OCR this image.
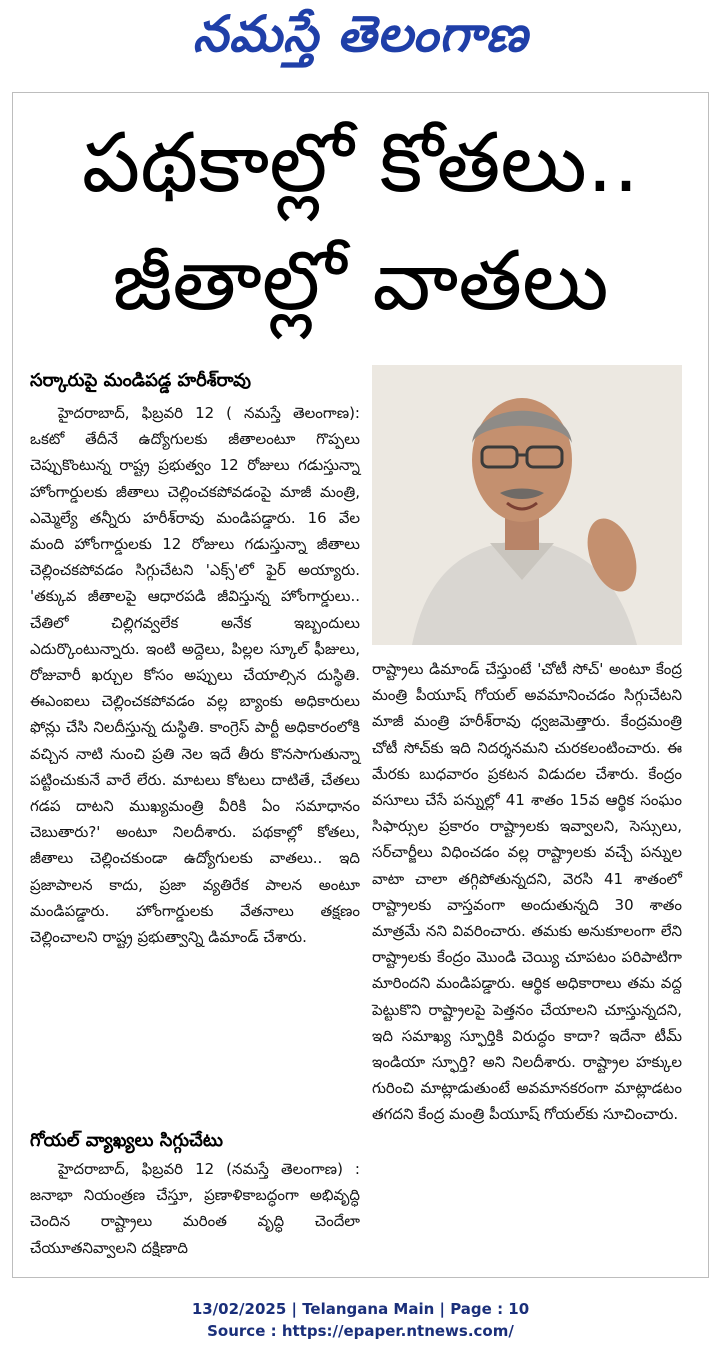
నమస్తే తెలంగాణ
పథకాల్లో కోతలు..
జీతాల్లో వాతలు
సర్కారుపై మండిపడ్డ హరీశ్‌రావు

హైదరాబాద్‌, ఫిబ్రవరి 12 ( నమస్తే తెలంగాణ): ఒకటో తేదీనే ఉద్యోగులకు జీతాలంటూ గొప్పలు చెప్పుకొంటున్న రాష్ట్ర ప్రభుత్వం 12 రోజులు గడుస్తున్నా హోంగార్డులకు జీతాలు చెల్లించకపోవడంపై మాజీ మంత్రి, ఎమ్మెల్యే తన్నీరు హరీశ్‌రావు మండిపడ్డారు. 16 వేల మంది హోంగార్డులకు 12 రోజులు గడుస్తున్నా జీతాలు చెల్లించకపోవడం సిగ్గుచేటని 'ఎక్స్‌'లో ఫైర్‌ అయ్యారు. 'తక్కువ జీతాలపై ఆధారపడి జీవిస్తున్న హోంగార్డులు.. చేతిలో చిల్లిగవ్వలేక అనేక ఇబ్బందులు ఎదుర్కొంటున్నారు. ఇంటి అద్దెలు, పిల్లల స్కూల్‌ ఫీజులు, రోజువారీ ఖర్చుల కోసం అప్పులు చేయాల్సిన దుస్థితి. ఈఎంఐలు చెల్లించకపోవడం వల్ల బ్యాంకు అధికారులు ఫోన్లు చేసి నిలదీస్తున్న దుస్థితి. కాంగ్రెస్‌ పార్టీ అధికారంలోకి వచ్చిన నాటి నుంచి ప్రతి నెల ఇదే తీరు కొనసాగుతున్నా పట్టించుకునే వారే లేరు. మాటలు కోటలు దాటితే, చేతలు గడప దాటని ముఖ్యమంత్రి వీరికి ఏం సమాధానం చెబుతారు?' అంటూ నిలదీశారు. పథకాల్లో కోతలు, జీతాలు చెల్లించకుండా ఉద్యోగులకు వాతలు.. ఇది ప్రజాపాలన కాదు, ప్రజా వ్యతిరేక పాలన అంటూ మండిపడ్డారు. హోంగార్డులకు వేతనాలు తక్షణం చెల్లించాలని రాష్ట్ర ప్రభుత్వాన్ని డిమాండ్‌ చేశారు.

గోయల్‌ వ్యాఖ్యలు సిగ్గుచేటు

హైదరాబాద్‌, ఫిబ్రవరి 12 (నమస్తే తెలంగాణ) : జనాభా నియంత్రణ చేస్తూ, ప్రణాళికాబద్ధంగా అభివృద్ధి చెందిన రాష్ట్రాలు మరింత వృద్ధి చెందేలా చేయూతనివ్వాలని దక్షిణాది

రాష్ట్రాలు డిమాండ్‌ చేస్తుంటే 'చోటీ సోచ్‌' అంటూ కేంద్ర మంత్రి పీయూష్‌ గోయల్‌ అవమానించడం సిగ్గుచేటని మాజీ మంత్రి హరీశ్‌రావు ధ్వజమెత్తారు. కేంద్రమంత్రి చోటీ సోచ్‌కు ఇది నిదర్శనమని చురకలంటించారు. ఈ మేరకు బుధవారం ప్రకటన విడుదల చేశారు. కేంద్రం వసూలు చేసే పన్నుల్లో 41 శాతం 15వ ఆర్థిక సంఘం సిఫార్సుల ప్రకారం రాష్ట్రాలకు ఇవ్వాలని, సెస్సులు, సర్‌చార్జీలు విధించడం వల్ల రాష్ట్రాలకు వచ్చే పన్నుల వాటా చాలా తగ్గిపోతున్నదని, వెరసి 41 శాతంలో రాష్ట్రాలకు వాస్తవంగా అందుతున్నది 30 శాతం మాత్రమే నని వివరించారు. తమకు అనుకూలంగా లేని రాష్ట్రాలకు కేంద్రం మొండి చెయ్యి చూపటం పరిపాటిగా మారిందని మండిపడ్డారు. ఆర్థిక అధికారాలు తమ వద్ద పెట్టుకొని రాష్ట్రాలపై పెత్తనం చేయాలని చూస్తున్నదని, ఇది సమాఖ్య స్ఫూర్తికి విరుద్ధం కాదా? ఇదేనా టీమ్‌ ఇండియా స్ఫూర్తి? అని నిలదీశారు. రాష్ట్రాల హక్కుల గురించి మాట్లాడుతుంటే అవమానకరంగా మాట్లాడటం తగదని కేంద్ర మంత్రి పీయూష్‌ గోయల్‌కు సూచించారు.

13/02/2025 | Telangana Main | Page : 10
Source : https://epaper.ntnews.com/
